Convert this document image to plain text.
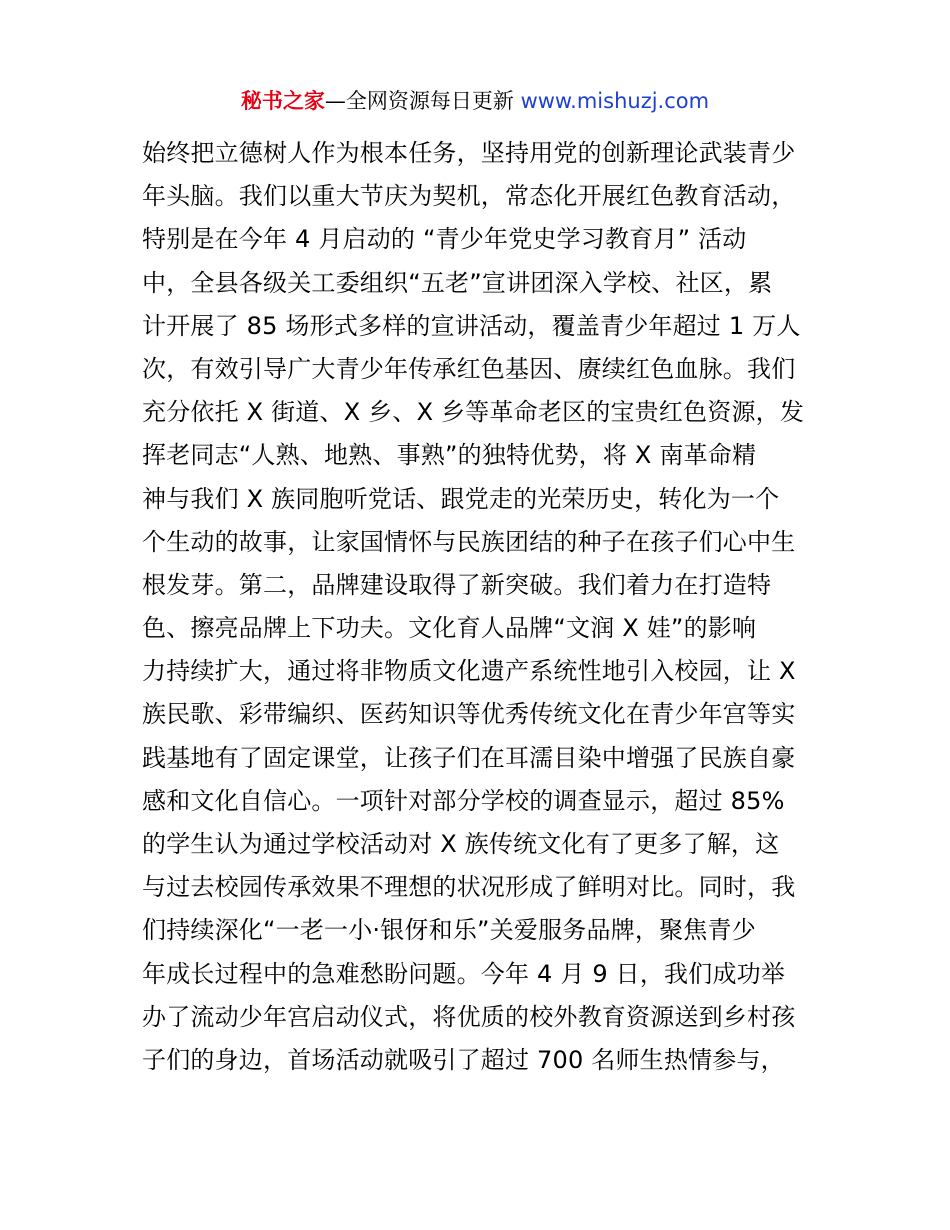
秘书之家—全网资源每日更新 www.mishuzj.com
始终把立德树人作为根本任务，坚持用党的创新理论武装青少
年头脑。我们以重大节庆为契机，常态化开展红色教育活动，
特别是在今年 4 月启动的 “青少年党史学习教育月” 活动
中，全县各级关工委组织“五老”宣讲团深入学校、社区，累
计开展了 85 场形式多样的宣讲活动，覆盖青少年超过 1 万人
次，有效引导广大青少年传承红色基因、赓续红色血脉。我们
充分依托 X 街道、X 乡、X 乡等革命老区的宝贵红色资源，发
挥老同志“人熟、地熟、事熟”的独特优势，将 X 南革命精
神与我们 X 族同胞听党话、跟党走的光荣历史，转化为一个
个生动的故事，让家国情怀与民族团结的种子在孩子们心中生
根发芽。第二，品牌建设取得了新突破。我们着力在打造特
色、擦亮品牌上下功夫。文化育人品牌“文润 X 娃”的影响
力持续扩大，通过将非物质文化遗产系统性地引入校园，让 X
族民歌、彩带编织、医药知识等优秀传统文化在青少年宫等实
践基地有了固定课堂，让孩子们在耳濡目染中增强了民族自豪
感和文化自信心。一项针对部分学校的调查显示，超过 85%
的学生认为通过学校活动对 X 族传统文化有了更多了解，这
与过去校园传承效果不理想的状况形成了鲜明对比。同时，我
们持续深化“一老一小·银伢和乐”关爱服务品牌，聚焦青少
年成长过程中的急难愁盼问题。今年 4 月 9 日，我们成功举
办了流动少年宫启动仪式，将优质的校外教育资源送到乡村孩
子们的身边，首场活动就吸引了超过 700 名师生热情参与，
